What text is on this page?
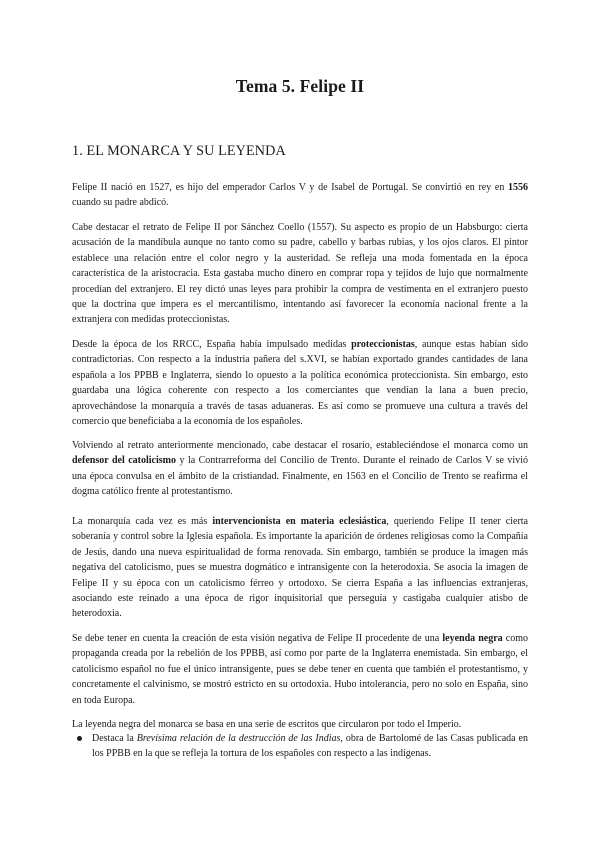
Tema 5. Felipe II
1. EL MONARCA Y SU LEYENDA
Felipe II nació en 1527, es hijo del emperador Carlos V y de Isabel de Portugal. Se convirtió en rey en 1556 cuando su padre abdicó.
Cabe destacar el retrato de Felipe II por Sánchez Coello (1557). Su aspecto es propio de un Habsburgo: cierta acusación de la mandíbula aunque no tanto como su padre, cabello y barbas rubias, y los ojos claros. El pintor establece una relación entre el color negro y la austeridad. Se refleja una moda fomentada en la época característica de la aristocracia. Esta gastaba mucho dinero en comprar ropa y tejidos de lujo que normalmente procedían del extranjero. El rey dictó unas leyes para prohibir la compra de vestimenta en el extranjero puesto que la doctrina que impera es el mercantilismo, intentando así favorecer la economía nacional frente a la extranjera con medidas proteccionistas.
Desde la época de los RRCC, España había impulsado medidas proteccionistas, aunque estas habían sido contradictorias. Con respecto a la industria pañera del s.XVI, se habían exportado grandes cantidades de lana española a los PPBB e Inglaterra, siendo lo opuesto a la política económica proteccionista. Sin embargo, esto guardaba una lógica coherente con respecto a los comerciantes que vendían la lana a buen precio, aprovechándose la monarquía a través de tasas aduaneras. Es así como se promueve una cultura a través del comercio que beneficiaba a la economía de los españoles.
Volviendo al retrato anteriormente mencionado, cabe destacar el rosario, estableciéndose el monarca como un defensor del catolicismo y la Contrarreforma del Concilio de Trento. Durante el reinado de Carlos V se vivió una época convulsa en el ámbito de la cristiandad. Finalmente, en 1563 en el Concilio de Trento se reafirma el dogma católico frente al protestantismo.
La monarquía cada vez es más intervencionista en materia eclesiástica, queriendo Felipe II tener cierta soberanía y control sobre la Iglesia española. Es importante la aparición de órdenes religiosas como la Compañía de Jesús, dando una nueva espiritualidad de forma renovada. Sin embargo, también se produce la imagen más negativa del catolicismo, pues se muestra dogmático e intransigente con la heterodoxia. Se asocia la imagen de Felipe II y su época con un catolicismo férreo y ortodoxo. Se cierra España a las influencias extranjeras, asociando este reinado a una época de rigor inquisitorial que perseguía y castigaba cualquier atisbo de heterodoxia.
Se debe tener en cuenta la creación de esta visión negativa de Felipe II procedente de una leyenda negra como propaganda creada por la rebelión de los PPBB, así como por parte de la Inglaterra enemistada. Sin embargo, el catolicismo español no fue el único intransigente, pues se debe tener en cuenta que también el protestantismo, y concretamente el calvinismo, se mostró estricto en su ortodoxia. Hubo intolerancia, pero no solo en España, sino en toda Europa.
La leyenda negra del monarca se basa en una serie de escritos que circularon por todo el Imperio.
Destaca la Brevísima relación de la destrucción de las Indias, obra de Bartolomé de las Casas publicada en los PPBB en la que se refleja la tortura de los españoles con respecto a las indígenas.
